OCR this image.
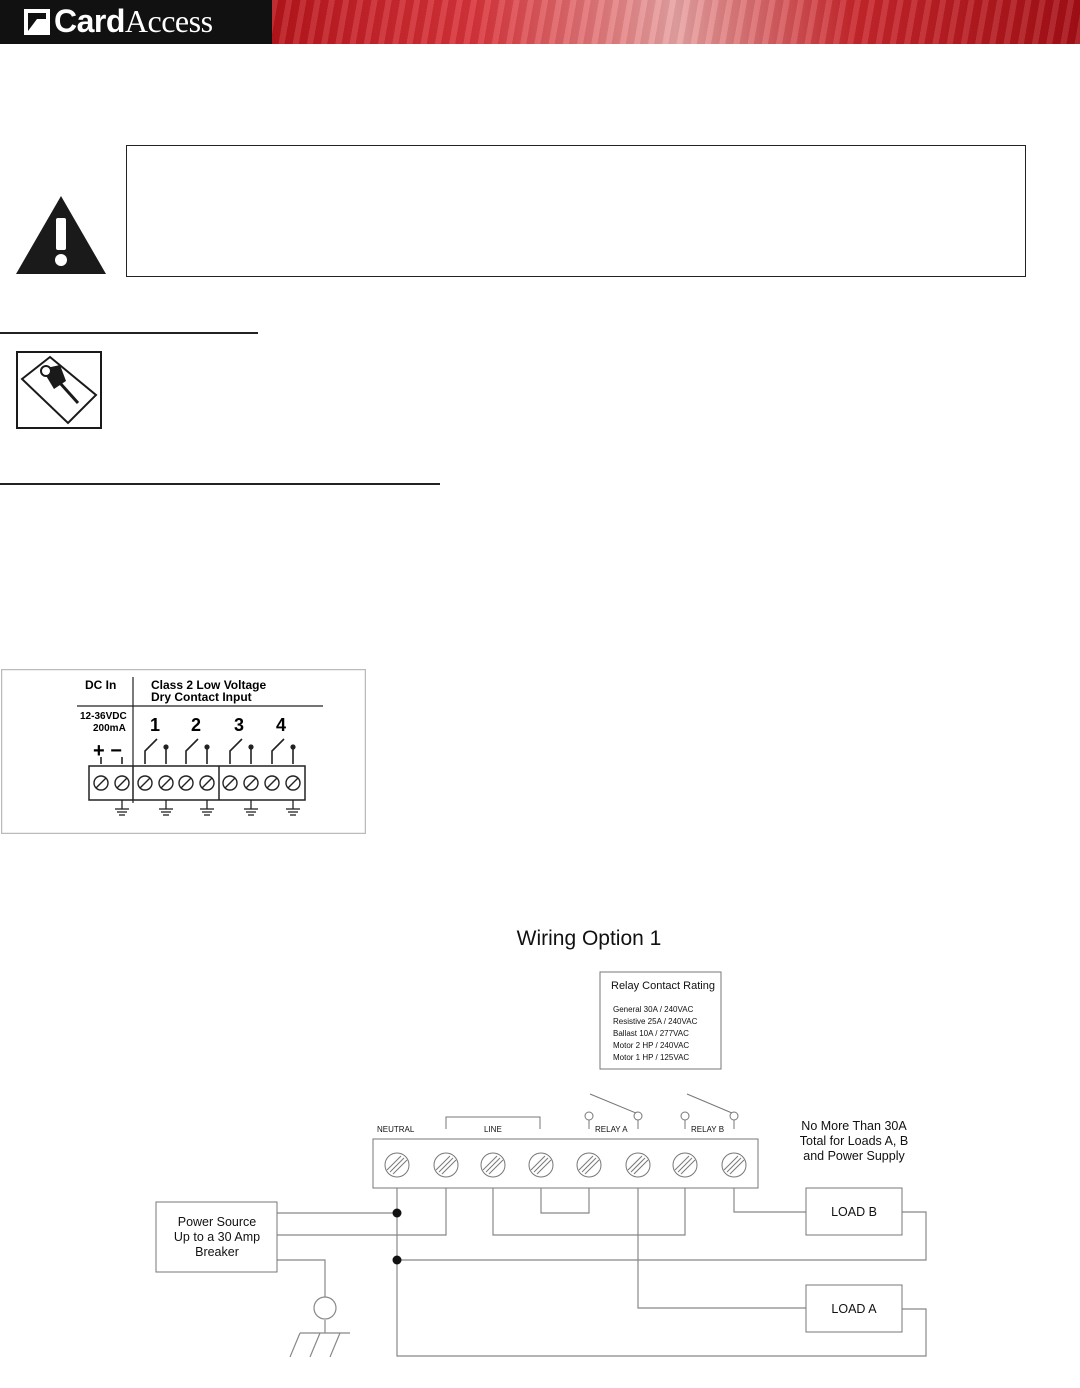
CardAccess
DC In	Class 2 Low Voltage
Dry Contact Input
12-36VDC
200mA
+ −
1 2 3 4
Wiring Option 1
Relay Contact Rating
General 30A / 240VAC
Resistive 25A / 240VAC
Ballast 10A / 277VAC
Motor 2 HP / 240VAC
Motor 1 HP / 125VAC
NEUTRAL	LINE	RELAY A	RELAY B	No More Than 30A
Total for Loads A, B
and Power Supply
Power Source
Up to a 30 Amp
Breaker
LOAD B
LOAD A
